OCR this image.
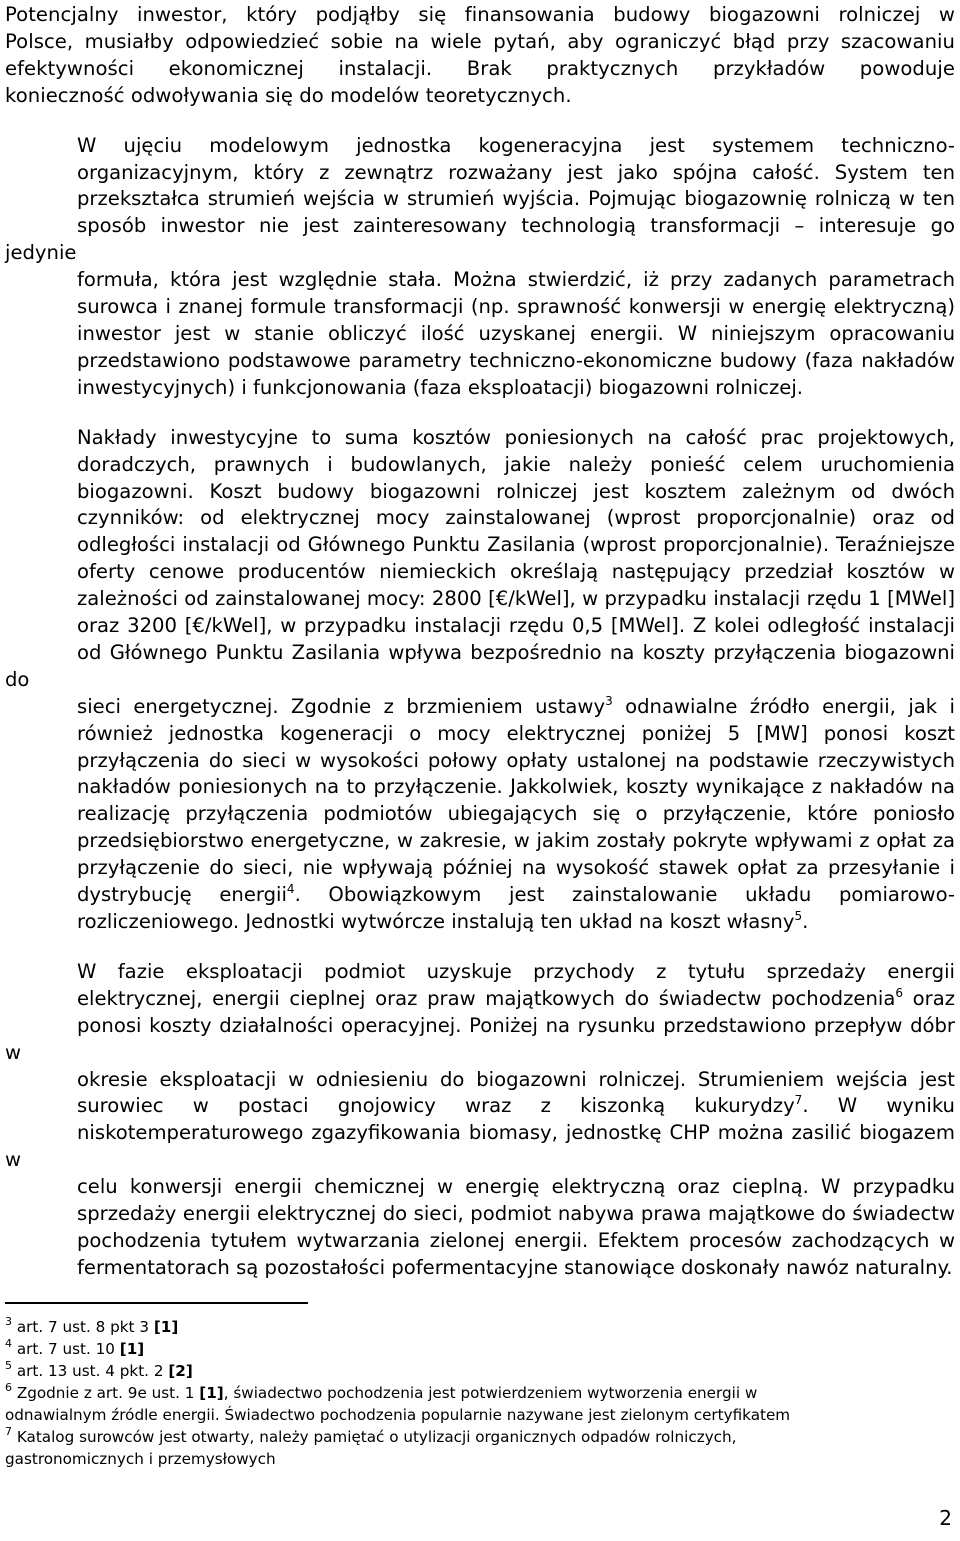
Potencjalny inwestor, który podjąłby się finansowania budowy biogazowni rolniczej w
Polsce, musiałby odpowiedzieć sobie na wiele pytań, aby ograniczyć błąd przy szacowaniu
efektywności ekonomicznej instalacji. Brak praktycznych przykładów powoduje
konieczność odwoływania się do modelów teoretycznych.

W ujęciu modelowym jednostka kogeneracyjna jest systemem techniczno-
organizacyjnym, który z zewnątrz rozważany jest jako spójna całość. System ten
przekształca strumień wejścia w strumień wyjścia. Pojmując biogazownię rolniczą w ten
sposób inwestor nie jest zainteresowany technologią transformacji – interesuje go jedynie
formuła, która jest względnie stała. Można stwierdzić, iż przy zadanych parametrach
surowca i znanej formule transformacji (np. sprawność konwersji w energię elektryczną)
inwestor jest w stanie obliczyć ilość uzyskanej energii. W niniejszym opracowaniu
przedstawiono podstawowe parametry techniczno-ekonomiczne budowy (faza nakładów
inwestycyjnych) i funkcjonowania (faza eksploatacji) biogazowni rolniczej.

Nakłady inwestycyjne to suma kosztów poniesionych na całość prac projektowych,
doradczych, prawnych i budowlanych, jakie należy ponieść celem uruchomienia
biogazowni. Koszt budowy biogazowni rolniczej jest kosztem zależnym od dwóch
czynników: od elektrycznej mocy zainstalowanej (wprost proporcjonalnie) oraz od
odległości instalacji od Głównego Punktu Zasilania (wprost proporcjonalnie). Teraźniejsze
oferty cenowe producentów niemieckich określają następujący przedział kosztów w
zależności od zainstalowanej mocy: 2800 [€/kWel], w przypadku instalacji rzędu 1 [MWel]
oraz 3200 [€/kWel], w przypadku instalacji rzędu 0,5 [MWel]. Z kolei odległość instalacji
od Głównego Punktu Zasilania wpływa bezpośrednio na koszty przyłączenia biogazowni do
sieci energetycznej. Zgodnie z brzmieniem ustawy$^3$ odnawialne źródło energii, jak i
również jednostka kogeneracji o mocy elektrycznej poniżej 5 [MW] ponosi koszt
przyłączenia do sieci w wysokości połowy opłaty ustalonej na podstawie rzeczywistych
nakładów poniesionych na to przyłączenie. Jakkolwiek, koszty wynikające z nakładów na
realizację przyłączenia podmiotów ubiegających się o przyłączenie, które poniosło
przedsiębiorstwo energetyczne, w zakresie, w jakim zostały pokryte wpływami z opłat za
przyłączenie do sieci, nie wpływają później na wysokość stawek opłat za przesyłanie i
dystrybucję energii$^4$. Obowiązkowym jest zainstalowanie układu pomiarowo-
rozliczeniowego. Jednostki wytwórcze instalują ten układ na koszt własny$^5$.

W fazie eksploatacji podmiot uzyskuje przychody z tytułu sprzedaży energii
elektrycznej, energii cieplnej oraz praw majątkowych do świadectw pochodzenia$^6$ oraz
ponosi koszty działalności operacyjnej. Poniżej na rysunku przedstawiono przepływ dóbr w
okresie eksploatacji w odniesieniu do biogazowni rolniczej. Strumieniem wejścia jest
surowiec w postaci gnojowicy wraz z kiszonką kukurydzy$^7$. W wyniku
niskotemperaturowego zgazyfikowania biomasy, jednostkę CHP można zasilić biogazem w
celu konwersji energii chemicznej w energię elektryczną oraz cieplną. W przypadku
sprzedaży energii elektrycznej do sieci, podmiot nabywa prawa majątkowe do świadectw
pochodzenia tytułem wytwarzania zielonej energii. Efektem procesów zachodzących w
fermentatorach są pozostałości pofermentacyjne stanowiące doskonały nawóz naturalny.

$^3$ art. 7 ust. 8 pkt 3 [1]

$^4$ art. 7 ust. 10 [1]

$^5$ art. 13 ust. 4 pkt. 2 [2]

$^6$ Zgodnie z art. 9e ust. 1 [1], świadectwo pochodzenia jest potwierdzeniem wytworzenia energii w

odnawialnym źródle energii. Świadectwo pochodzenia popularnie nazywane jest zielonym certyfikatem

$^7$ Katalog surowców jest otwarty, należy pamiętać o utylizacji organicznych odpadów rolniczych,

gastronomicznych i przemysłowych

2
